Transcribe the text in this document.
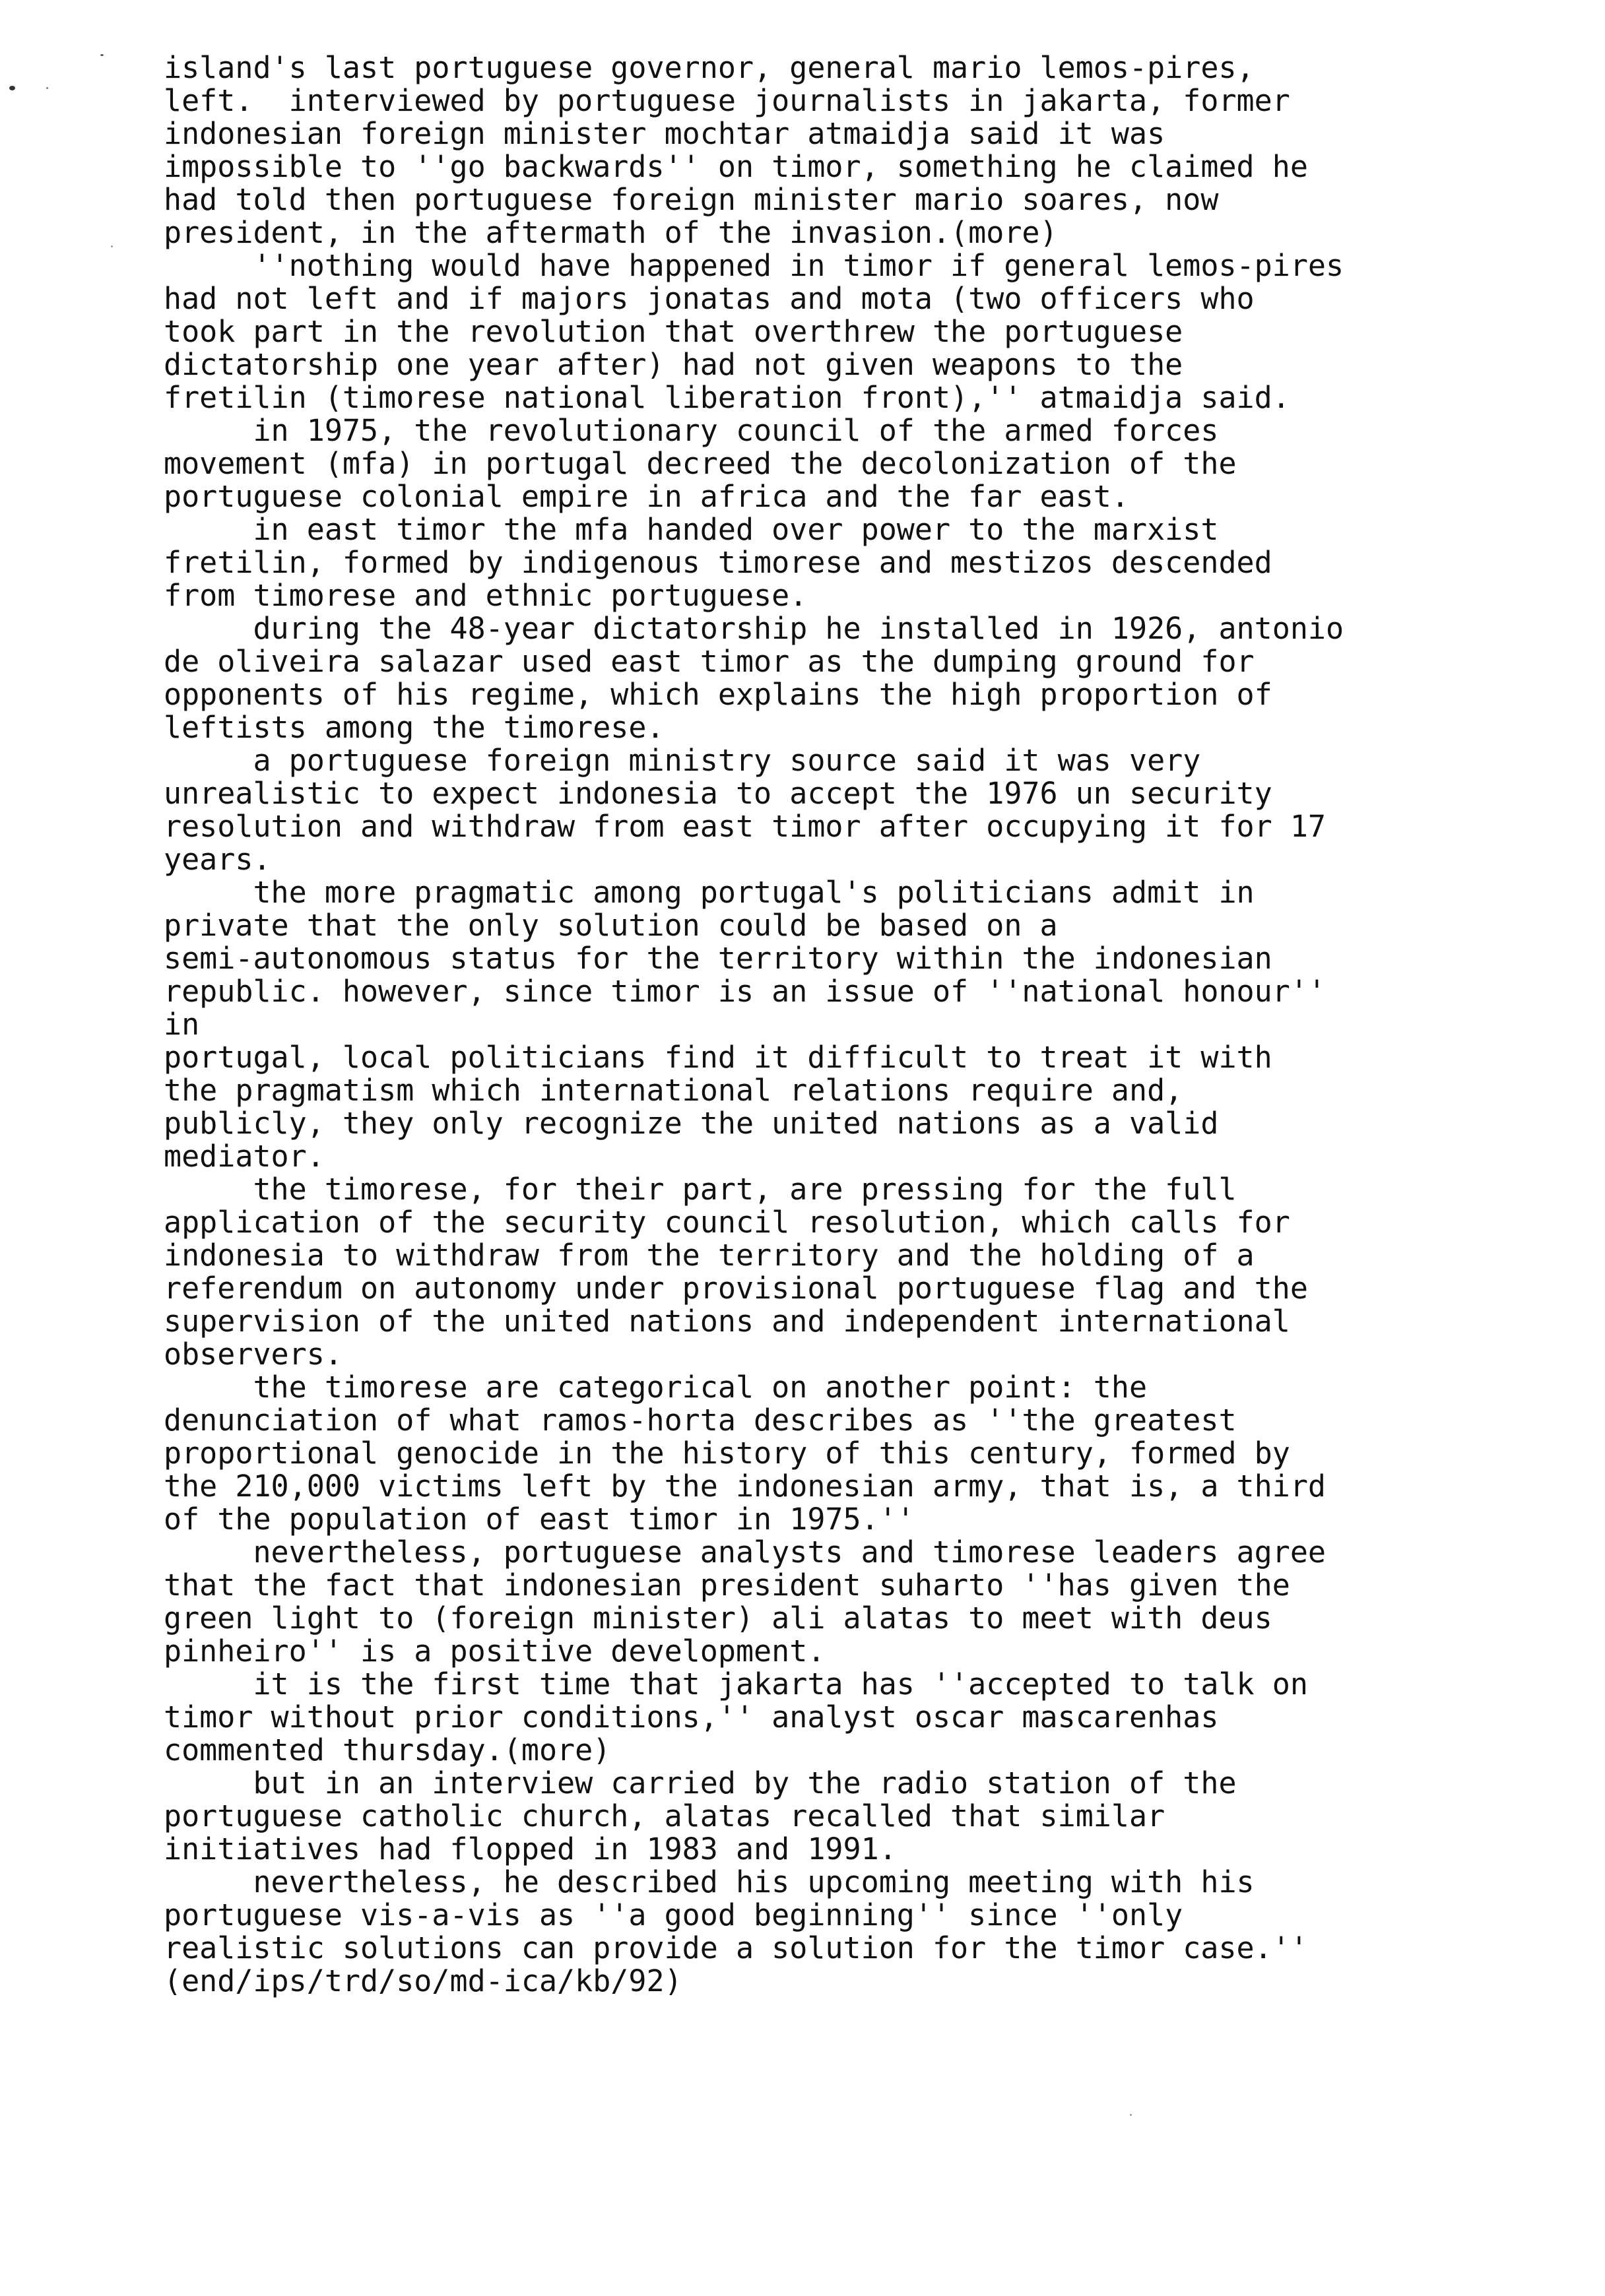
island's last portuguese governor, general mario lemos-pires,
left.  interviewed by portuguese journalists in jakarta, former
indonesian foreign minister mochtar atmaidja said it was
impossible to ''go backwards'' on timor, something he claimed he
had told then portuguese foreign minister mario soares, now
president, in the aftermath of the invasion.(more)
''nothing would have happened in timor if general lemos-pires
had not left and if majors jonatas and mota (two officers who
took part in the revolution that overthrew the portuguese
dictatorship one year after) had not given weapons to the
fretilin (timorese national liberation front),'' atmaidja said.
in 1975, the revolutionary council of the armed forces
movement (mfa) in portugal decreed the decolonization of the
portuguese colonial empire in africa and the far east.
in east timor the mfa handed over power to the marxist
fretilin, formed by indigenous timorese and mestizos descended
from timorese and ethnic portuguese.
during the 48-year dictatorship he installed in 1926, antonio
de oliveira salazar used east timor as the dumping ground for
opponents of his regime, which explains the high proportion of
leftists among the timorese.
a portuguese foreign ministry source said it was very
unrealistic to expect indonesia to accept the 1976 un security
resolution and withdraw from east timor after occupying it for 17
years.
the more pragmatic among portugal's politicians admit in
private that the only solution could be based on a
semi-autonomous status for the territory within the indonesian
republic. however, since timor is an issue of ''national honour''
in
portugal, local politicians find it difficult to treat it with
the pragmatism which international relations require and,
publicly, they only recognize the united nations as a valid
mediator.
the timorese, for their part, are pressing for the full
application of the security council resolution, which calls for
indonesia to withdraw from the territory and the holding of a
referendum on autonomy under provisional portuguese flag and the
supervision of the united nations and independent international
observers.
the timorese are categorical on another point: the
denunciation of what ramos-horta describes as ''the greatest
proportional genocide in the history of this century, formed by
the 210,000 victims left by the indonesian army, that is, a third
of the population of east timor in 1975.''
nevertheless, portuguese analysts and timorese leaders agree
that the fact that indonesian president suharto ''has given the
green light to (foreign minister) ali alatas to meet with deus
pinheiro'' is a positive development.
it is the first time that jakarta has ''accepted to talk on
timor without prior conditions,'' analyst oscar mascarenhas
commented thursday.(more)
but in an interview carried by the radio station of the
portuguese catholic church, alatas recalled that similar
initiatives had flopped in 1983 and 1991.
nevertheless, he described his upcoming meeting with his
portuguese vis-a-vis as ''a good beginning'' since ''only
realistic solutions can provide a solution for the timor case.''
(end/ips/trd/so/md-ica/kb/92)
